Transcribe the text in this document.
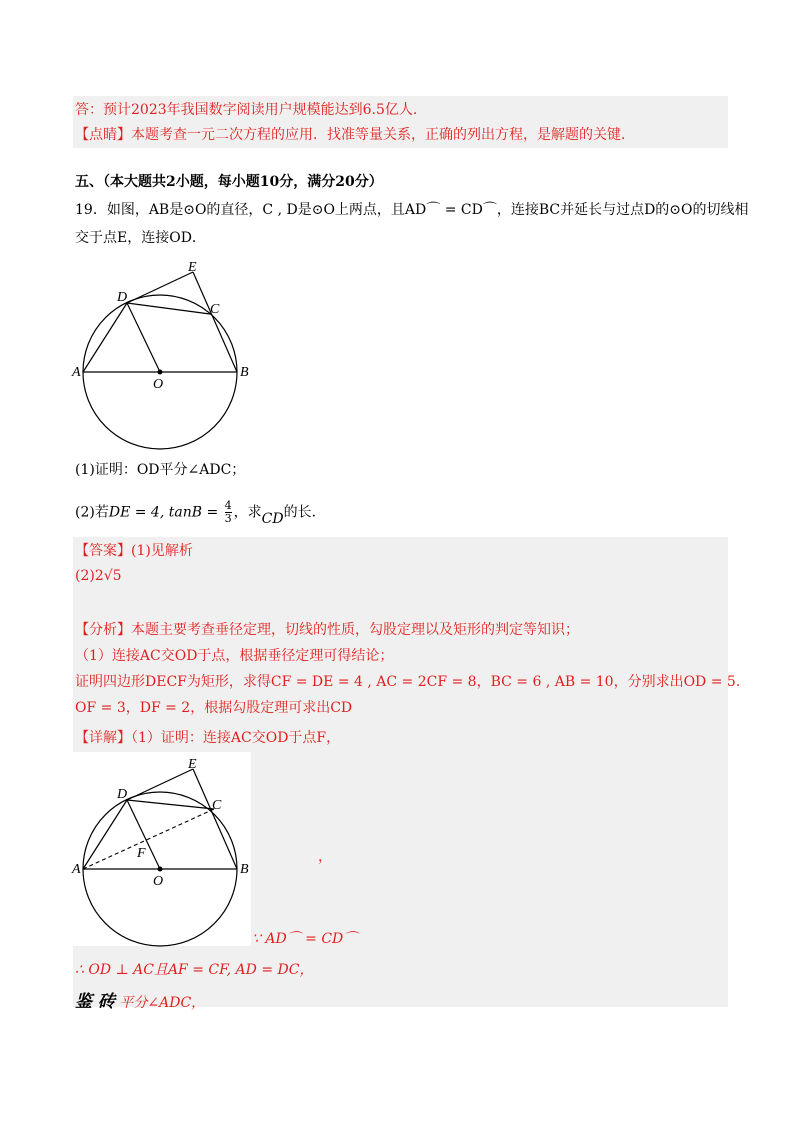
答：预计2023年我国数字阅读用户规模能达到6.5亿人.
【点睛】本题考查一元二次方程的应用．找准等量关系，正确的列出方程，是解题的关键．
五、（本大题共2小题，每小题10分，满分20分）
19．如图，AB是⊙O的直径，C , D是⊙O上两点，且AD⌒ = CD⌒，连接BC并延长与过点D的⊙O的切线相
交于点E，连接OD．
E
D
C
A
O
B
(1)证明：OD平分∠ADC；
(2)若DE = 4, $\tan B = \frac{4}{3}$ ，求CD的长．
【答案】(1)见解析
(2)2√5
【分析】本题主要考查垂径定理，切线的性质，勾股定理以及矩形的判定等知识；
（1）连接AC交OD于点，根据垂径定理可得结论；
证明四边形DECF为矩形，求得CF = DE = 4 , AC = 2CF = 8，BC = 6 , AB = 10，分别求出OD = 5．
OF = 3，DF = 2，根据勾股定理可求出CD
【详解】（1）证明：连接AC交OD于点F，
E
D
C
F
A
O
B
，
∵ AD⌒ = CD⌒
∴ OD ⊥ AC且AF = CF, AD = DC，
鉴 砖 平分∠ADC，
